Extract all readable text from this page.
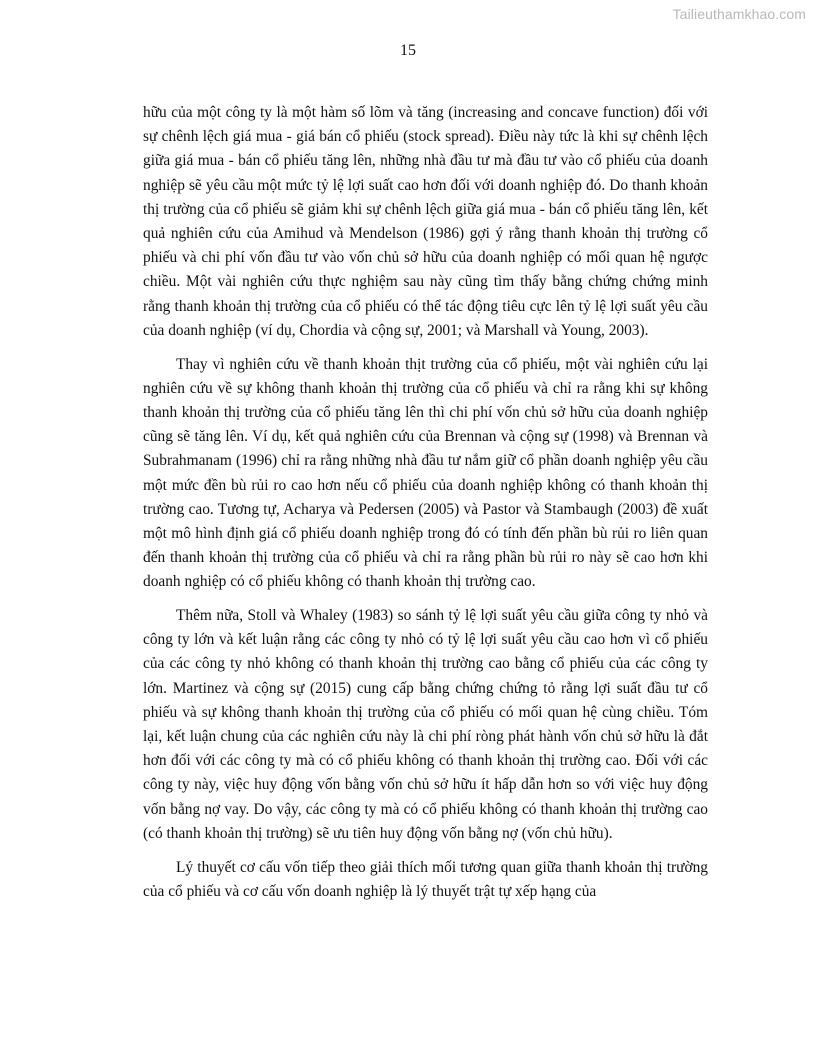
Tailieuthamkhao.com
15

hữu của một công ty là một hàm số lõm và tăng (increasing and concave function) đối với sự chênh lệch giá mua - giá bán cổ phiếu (stock spread). Điều này tức là khi sự chênh lệch giữa giá mua - bán cổ phiếu tăng lên, những nhà đầu tư mà đầu tư vào cổ phiếu của doanh nghiệp sẽ yêu cầu một mức tỷ lệ lợi suất cao hơn đối với doanh nghiệp đó. Do thanh khoản thị trường của cổ phiếu sẽ giảm khi sự chênh lệch giữa giá mua - bán cổ phiếu tăng lên, kết quả nghiên cứu của Amihud và Mendelson (1986) gợi ý rằng thanh khoản thị trường cổ phiếu và chi phí vốn đầu tư vào vốn chủ sở hữu của doanh nghiệp có mối quan hệ ngược chiều. Một vài nghiên cứu thực nghiệm sau này cũng tìm thấy bằng chứng chứng minh rằng thanh khoản thị trường của cổ phiếu có thể tác động tiêu cực lên tỷ lệ lợi suất yêu cầu của doanh nghiệp (ví dụ, Chordia và cộng sự, 2001; và Marshall và Young, 2003).

Thay vì nghiên cứu về thanh khoản thịt trường của cổ phiếu, một vài nghiên cứu lại nghiên cứu về sự không thanh khoản thị trường của cổ phiếu và chỉ ra rằng khi sự không thanh khoản thị trường của cổ phiếu tăng lên thì chi phí vốn chủ sở hữu của doanh nghiệp cũng sẽ tăng lên. Ví dụ, kết quả nghiên cứu của Brennan và cộng sự (1998) và Brennan và Subrahmanam (1996) chỉ ra rằng những nhà đầu tư nắm giữ cổ phần doanh nghiệp yêu cầu một mức đền bù rủi ro cao hơn nếu cổ phiếu của doanh nghiệp không có thanh khoản thị trường cao. Tương tự, Acharya và Pedersen (2005) và Pastor và Stambaugh (2003) đề xuất một mô hình định giá cổ phiếu doanh nghiệp trong đó có tính đến phần bù rủi ro liên quan đến thanh khoản thị trường của cổ phiếu và chỉ ra rằng phần bù rủi ro này sẽ cao hơn khi doanh nghiệp có cổ phiếu không có thanh khoản thị trường cao.

Thêm nữa, Stoll và Whaley (1983) so sánh tỷ lệ lợi suất yêu cầu giữa công ty nhỏ và công ty lớn và kết luận rằng các công ty nhỏ có tỷ lệ lợi suất yêu cầu cao hơn vì cổ phiếu của các công ty nhỏ không có thanh khoản thị trường cao bằng cổ phiếu của các công ty lớn. Martinez và cộng sự (2015) cung cấp bằng chứng chứng tỏ rằng lợi suất đầu tư cổ phiếu và sự không thanh khoản thị trường của cổ phiếu có mối quan hệ cùng chiều. Tóm lại, kết luận chung của các nghiên cứu này là chi phí ròng phát hành vốn chủ sở hữu là đắt hơn đối với các công ty mà có cổ phiếu không có thanh khoản thị trường cao. Đối với các công ty này, việc huy động vốn bằng vốn chủ sở hữu ít hấp dẫn hơn so với việc huy động vốn bằng nợ vay. Do vậy, các công ty mà có cổ phiếu không có thanh khoản thị trường cao (có thanh khoản thị trường) sẽ ưu tiên huy động vốn bằng nợ (vốn chủ hữu).

Lý thuyết cơ cấu vốn tiếp theo giải thích mối tương quan giữa thanh khoản thị trường của cổ phiếu và cơ cấu vốn doanh nghiệp là lý thuyết trật tự xếp hạng của
